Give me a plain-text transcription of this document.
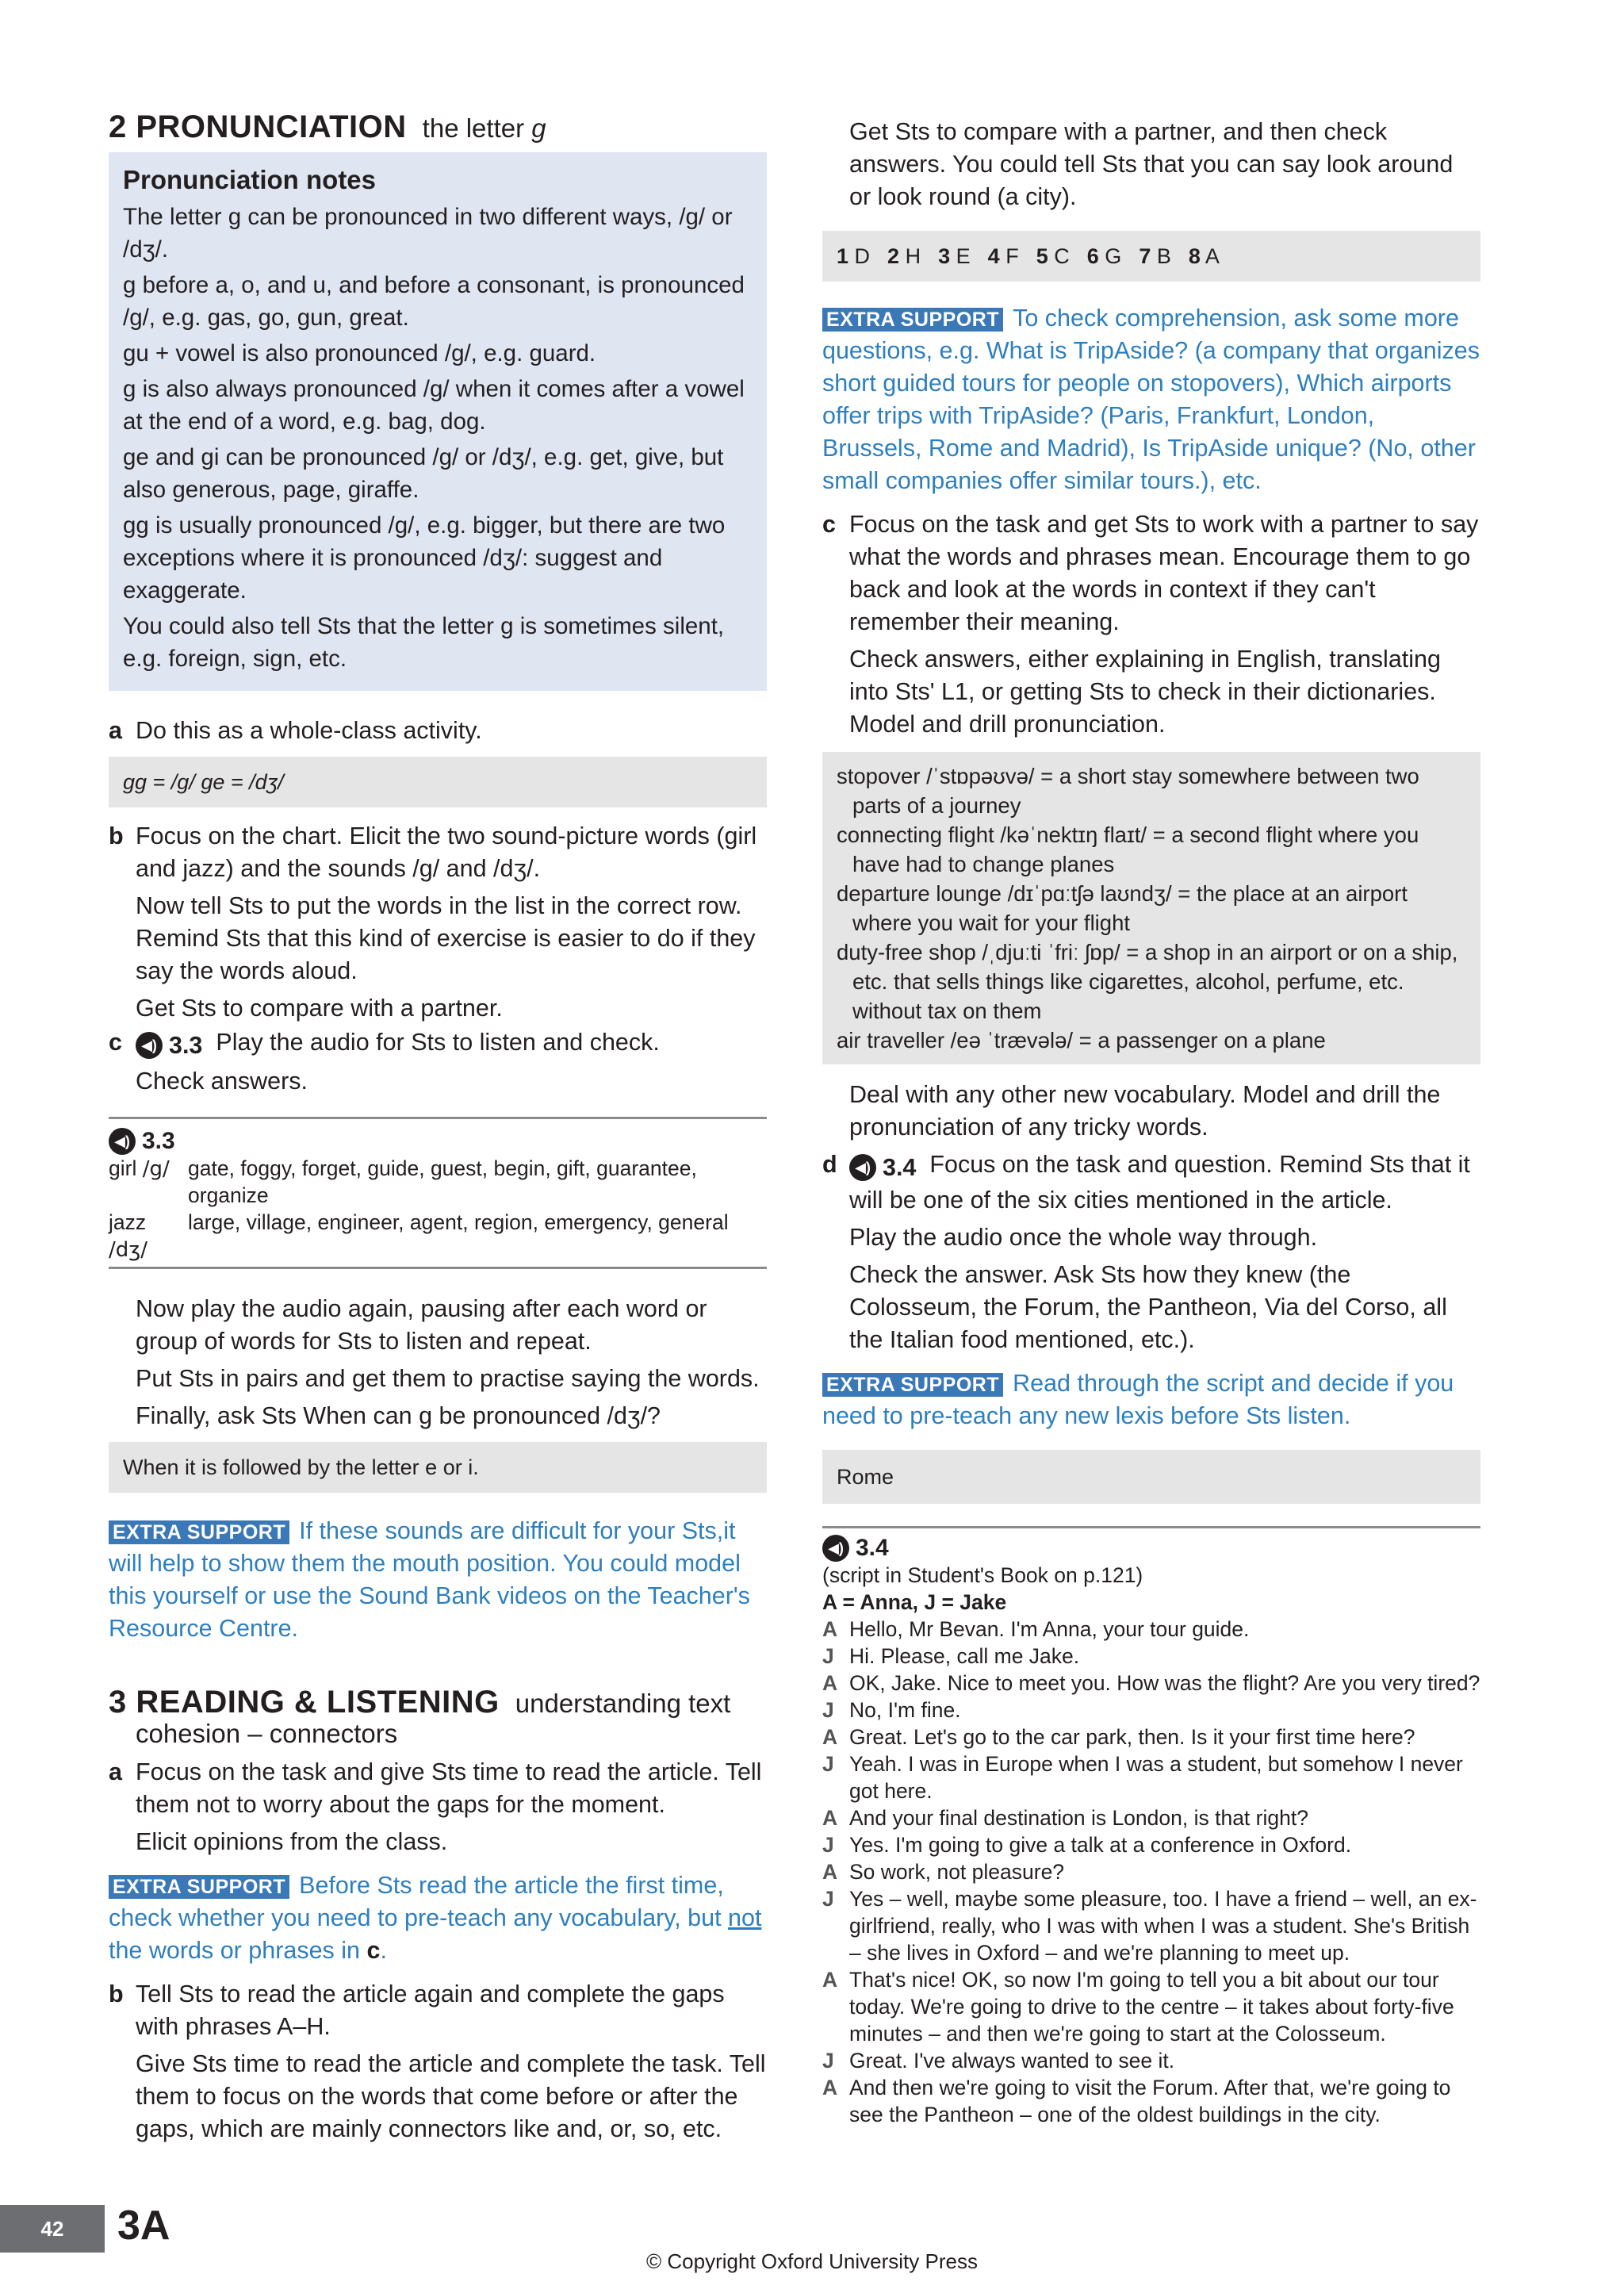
2 PRONUNCIATION the letter g
Pronunciation notes

The letter g can be pronounced in two different ways, /g/ or /dʒ/.

g before a, o, and u, and before a consonant, is pronounced /g/, e.g. gas, go, gun, great.

gu + vowel is also pronounced /g/, e.g. guard.

g is also always pronounced /g/ when it comes after a vowel at the end of a word, e.g. bag, dog.

ge and gi can be pronounced /g/ or /dʒ/, e.g. get, give, but also generous, page, giraffe.

gg is usually pronounced /g/, e.g. bigger, but there are two exceptions where it is pronounced /dʒ/: suggest and exaggerate.

You could also tell Sts that the letter g is sometimes silent, e.g. foreign, sign, etc.

a Do this as a whole-class activity.

gg = /g/ ge = /dʒ/
b Focus on the chart. Elicit the two sound-picture words (girl and jazz) and the sounds /g/ and /dʒ/.

Now tell Sts to put the words in the list in the correct row. Remind Sts that this kind of exercise is easier to do if they say the words aloud.

Get Sts to compare with a partner.

c	◀) 3.3 Play the audio for Sts to listen and check.

Check answers.

◀) 3.3
girl /g/ gate, foggy, forget, guide, guest, begin, gift, guarantee, organize
jazz /dʒ/
large, village, engineer, agent, region, emergency, general

Now play the audio again, pausing after each word or group of words for Sts to listen and repeat.

Put Sts in pairs and get them to practise saying the words.

Finally, ask Sts When can g be pronounced /dʒ/?

When it is followed by the letter e or i.

EXTRA SUPPORT If these sounds are difficult for your Sts,it will help to show them the mouth position. You could model this yourself or use the Sound Bank videos on the Teacher's Resource Centre.

3 READING & LISTENING understanding text
cohesion – connectors
a Focus on the task and give Sts time to read the article. Tell them not to worry about the gaps for the moment.

Elicit opinions from the class.

EXTRA SUPPORT Before Sts read the article the first time, check whether you need to pre-teach any vocabulary, but not the words or phrases in c.

b Tell Sts to read the article again and complete the gaps with phrases A–H.

Give Sts time to read the article and complete the task. Tell them to focus on the words that come before or after the gaps, which are mainly connectors like and, or, so, etc.

Get Sts to compare with a partner, and then check answers. You could tell Sts that you can say look around or look round (a city).

1 D 2 H 3 E 4 F 5 C 6 G 7 B 8 A

EXTRA SUPPORT To check comprehension, ask some more questions, e.g. What is TripAside? (a company that organizes short guided tours for people on stopovers), Which airports offer trips with TripAside? (Paris, Frankfurt, London, Brussels, Rome and Madrid), Is TripAside unique? (No, other small companies offer similar tours.), etc.

c Focus on the task and get Sts to work with a partner to say what the words and phrases mean. Encourage them to go back and look at the words in context if they can't remember their meaning.

Check answers, either explaining in English, translating into Sts' L1, or getting Sts to check in their dictionaries. Model and drill pronunciation.

stopover /ˈstɒpəʊvə/ = a short stay somewhere between two parts of a journey

connecting flight /kəˈnektɪŋ flaɪt/ = a second flight where you have had to change planes

departure lounge /dɪˈpɑːtʃə laʊndʒ/ = the place at an airport where you wait for your flight

duty-free shop /ˌdjuːti ˈfriː ʃɒp/ = a shop in an airport or on a ship, etc. that sells things like cigarettes, alcohol, perfume, etc. without tax on them

air traveller /eə ˈtrævələ/ = a passenger on a plane

Deal with any other new vocabulary. Model and drill the pronunciation of any tricky words.

d	◀) 3.4 Focus on the task and question. Remind Sts that it will be one of the six cities mentioned in the article.

Play the audio once the whole way through.

Check the answer. Ask Sts how they knew (the Colosseum, the Forum, the Pantheon, Via del Corso, all the Italian food mentioned, etc.).

EXTRA SUPPORT Read through the script and decide if you need to pre-teach any new lexis before Sts listen.

Rome
◀) 3.4
(script in Student's Book on p.121)
A = Anna, J = Jake
A Hello, Mr Bevan. I'm Anna, your tour guide.
J Hi. Please, call me Jake.
A OK, Jake. Nice to meet you. How was the flight? Are you very tired?
J No, I'm fine.
A Great. Let's go to the car park, then. Is it your first time here?
J Yeah. I was in Europe when I was a student, but somehow I never got here.
A And your final destination is London, is that right?
J Yes. I'm going to give a talk at a conference in Oxford.
A So work, not pleasure?
J Yes – well, maybe some pleasure, too. I have a friend – well, an ex-girlfriend, really, who I was with when I was a student. She's British – she lives in Oxford – and we're planning to meet up.
A That's nice! OK, so now I'm going to tell you a bit about our tour today. We're going to drive to the centre – it takes about forty-five minutes – and then we're going to start at the Colosseum.
J Great. I've always wanted to see it.
A And then we're going to visit the Forum. After that, we're going to see the Pantheon – one of the oldest buildings in the city.
42 3A
© Copyright Oxford University Press
